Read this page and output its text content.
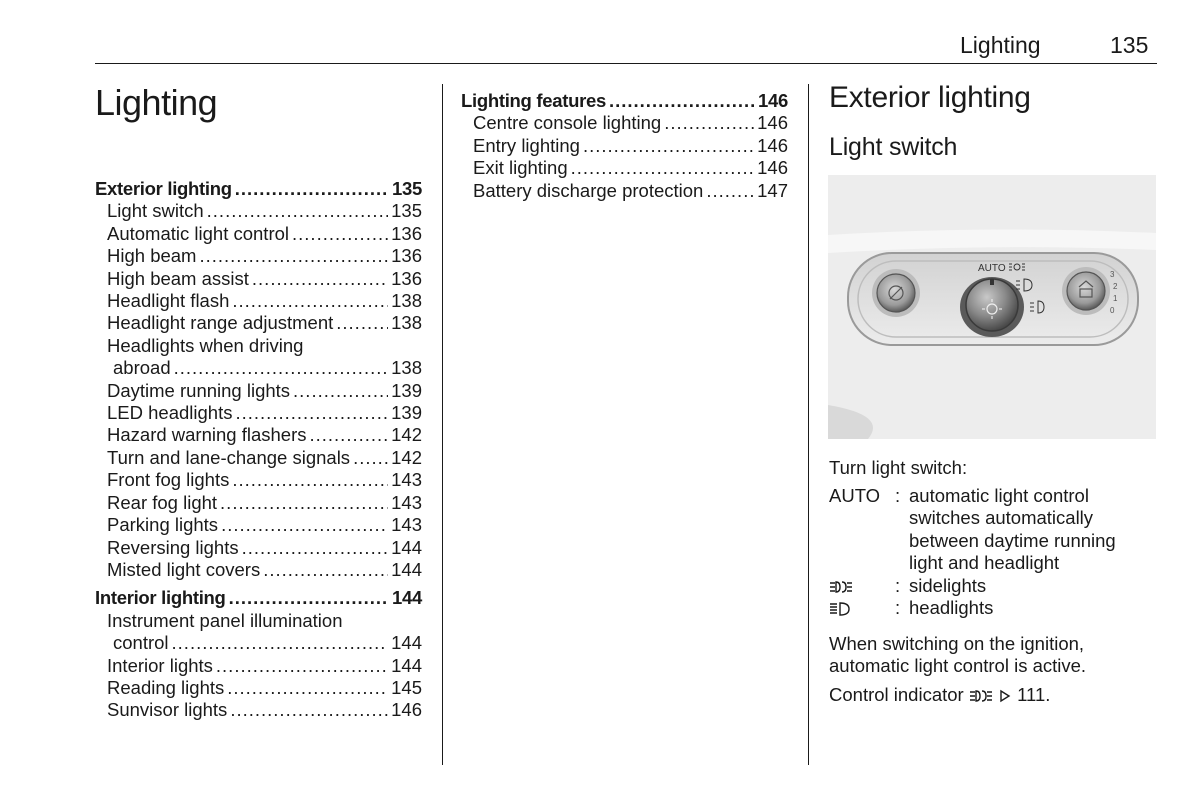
Lighting	135
Lighting
Exterior lighting .....	135
Light switch .....	135
Automatic light control .....	136
High beam .....	136
High beam assist .....	136
Headlight flash .....	138
Headlight range adjustment .....	138
Headlights when driving
abroad .....	138
Daytime running lights .....	139
LED headlights .....	139
Hazard warning flashers .....	142
Turn and lane-change signals ..... 142
Front fog lights .....	143
Rear fog light .....	143
Parking lights .....	143
Reversing lights .....	144
Misted light covers .....	144
Interior lighting .....	144
Instrument panel illumination
control .....	144
Interior lights .....	144
Reading lights .....	145
Sunvisor lights .....	146
Lighting features .....	146
Centre console lighting .....	146
Entry lighting .....	146
Exit lighting .....	146
Battery discharge protection .....	147
Exterior lighting
Light switch
AUTO
3
2
1
0
Turn light switch:
AUTO : automatic light control
switches automatically
between daytime running
light and headlight
: sidelights
: headlights
When switching on the ignition,
automatic light control is active.
Control indicator
	111.
